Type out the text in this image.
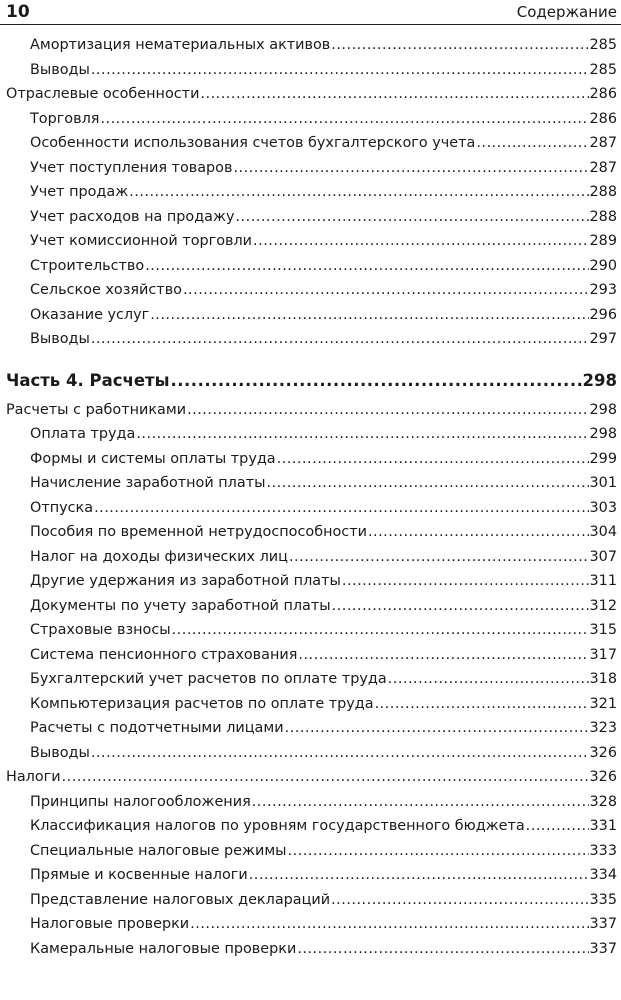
10	Содержание
Амортизация нематериальных активов .....	285
Выводы .....	285
Отраслевые особенности .....	286
Торговля .....	286
Особенности использования счетов бухгалтерского учета .....	287
Учет поступления товаров .....	287
Учет продаж .....	288
Учет расходов на продажу .....	288
Учет комиссионной торговли .....	289
Строительство .....	290
Сельское хозяйство .....	293
Оказание услуг .....	296
Выводы .....	297
Часть 4. Расчеты .....	298
Расчеты с работниками .....	298
Оплата труда .....	298
Формы и системы оплаты труда .....	299
Начисление заработной платы .....	301
Отпуска .....	303
Пособия по временной нетрудоспособности .....	304
Налог на доходы физических лиц .....	307
Другие удержания из заработной платы .....	311
Документы по учету заработной платы .....	312
Страховые взносы .....	315
Система пенсионного страхования .....	317
Бухгалтерский учет расчетов по оплате труда .....	318
Компьютеризация расчетов по оплате труда .....	321
Расчеты с подотчетными лицами .....	323
Выводы .....	326
Налоги .....	326
Принципы налогообложения .....	328
Классификация налогов по уровням государственного бюджета .....	331
Специальные налоговые режимы .....	333
Прямые и косвенные налоги .....	334
Представление налоговых деклараций .....	335
Налоговые проверки .....	337
Камеральные налоговые проверки .....	337
